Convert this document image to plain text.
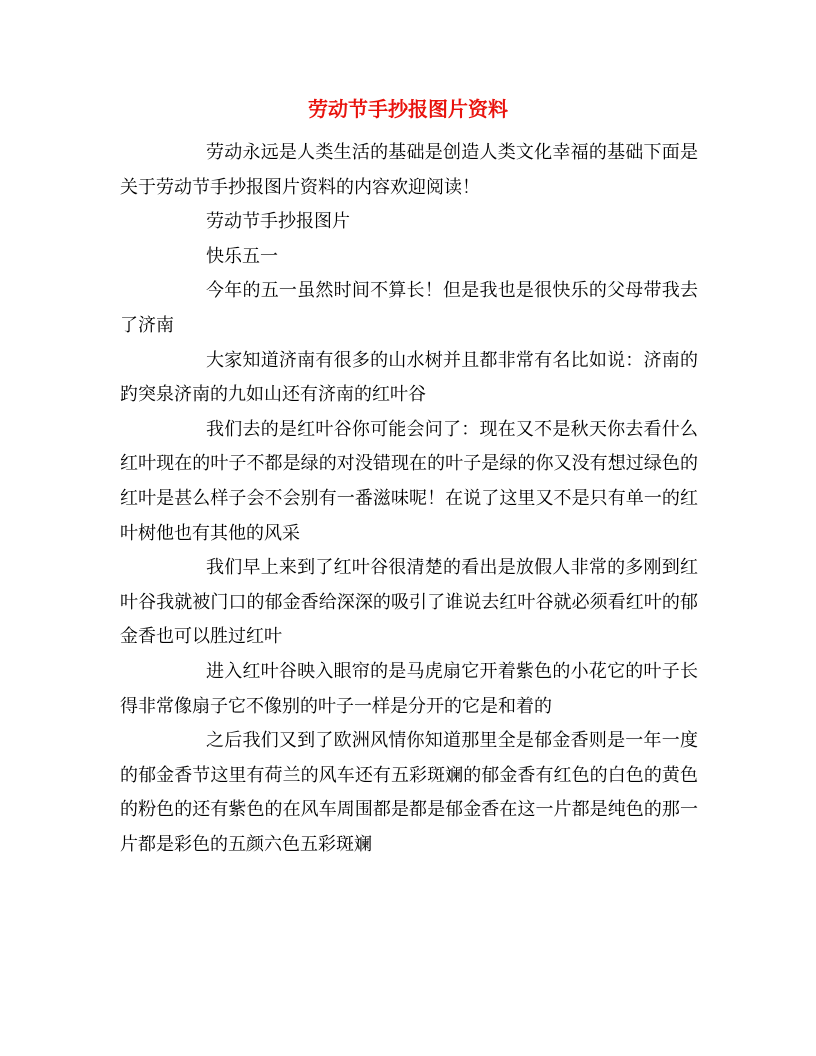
劳动节手抄报图片资料

劳动永远是人类生活的基础是创造人类文化幸福的基础下面是关于劳动节手抄报图片资料的内容欢迎阅读！

劳动节手抄报图片

快乐五一

今年的五一虽然时间不算长！但是我也是很快乐的父母带我去了济南

大家知道济南有很多的山水树并且都非常有名比如说：济南的趵突泉济南的九如山还有济南的红叶谷

我们去的是红叶谷你可能会问了：现在又不是秋天你去看什么红叶现在的叶子不都是绿的对没错现在的叶子是绿的你又没有想过绿色的红叶是甚么样子会不会别有一番滋味呢！在说了这里又不是只有单一的红叶树他也有其他的风采

我们早上来到了红叶谷很清楚的看出是放假人非常的多刚到红叶谷我就被门口的郁金香给深深的吸引了谁说去红叶谷就必须看红叶的郁金香也可以胜过红叶

进入红叶谷映入眼帘的是马虎扇它开着紫色的小花它的叶子长得非常像扇子它不像别的叶子一样是分开的它是和着的

之后我们又到了欧洲风情你知道那里全是郁金香则是一年一度的郁金香节这里有荷兰的风车还有五彩斑斓的郁金香有红色的白色的黄色的粉色的还有紫色的在风车周围都是都是郁金香在这一片都是纯色的那一片都是彩色的五颜六色五彩斑斓
